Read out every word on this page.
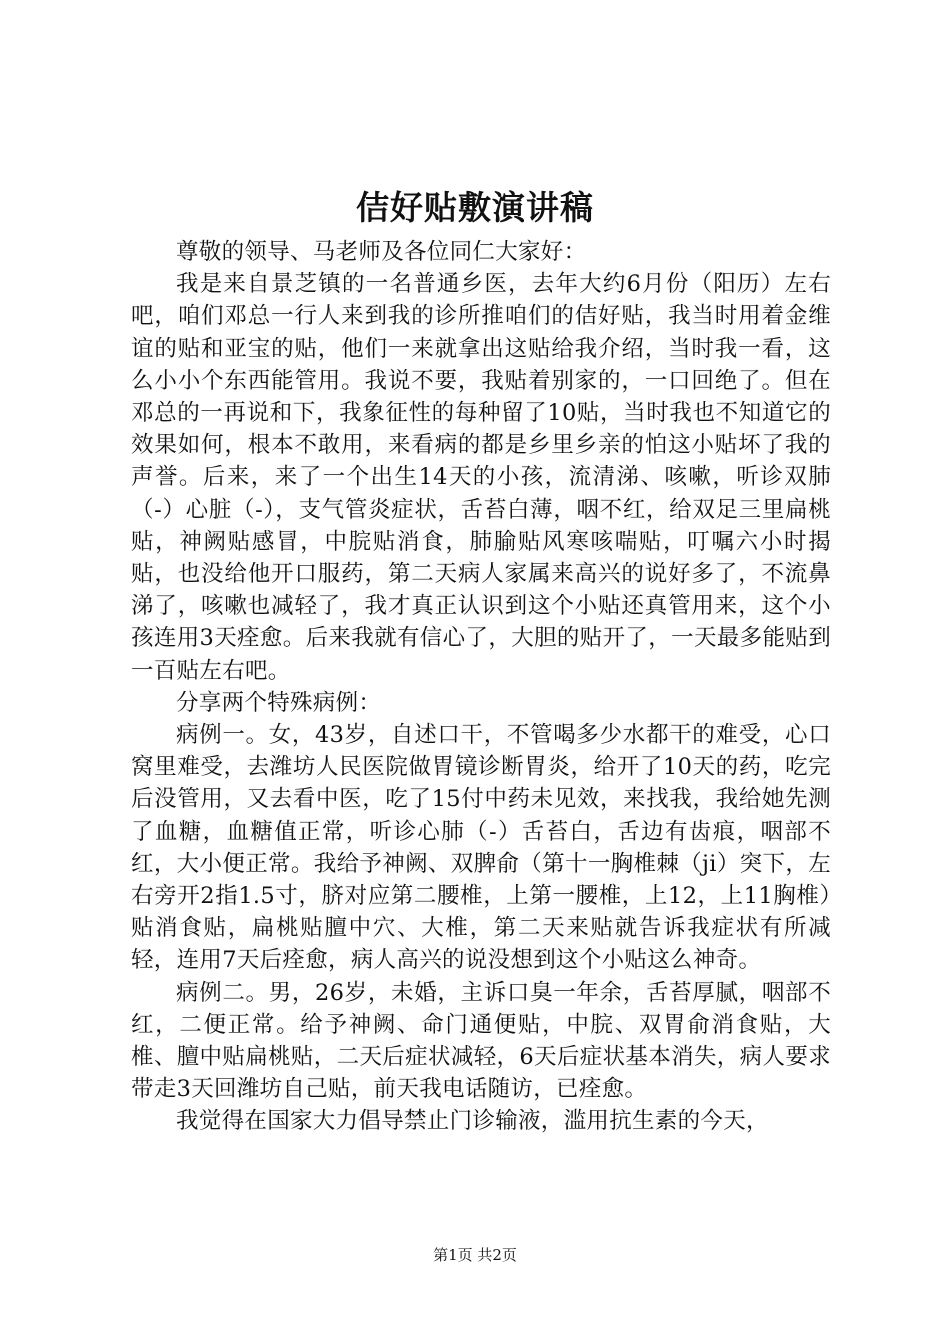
佶好贴敷演讲稿

尊敬的领导、马老师及各位同仁大家好：

我是来自景芝镇的一名普通乡医，去年大约6月份（阳历）左右吧，咱们邓总一行人来到我的诊所推咱们的佶好贴，我当时用着金维谊的贴和亚宝的贴，他们一来就拿出这贴给我介绍，当时我一看，这么小小个东西能管用。我说不要，我贴着别家的，一口回绝了。但在邓总的一再说和下，我象征性的每种留了10贴，当时我也不知道它的效果如何，根本不敢用，来看病的都是乡里乡亲的怕这小贴坏了我的声誉。后来，来了一个出生14天的小孩，流清涕、咳嗽，听诊双肺（-）心脏（-），支气管炎症状，舌苔白薄，咽不红，给双足三里扁桃贴，神阙贴感冒，中脘贴消食，肺腧贴风寒咳喘贴，叮嘱六小时揭贴，也没给他开口服药，第二天病人家属来高兴的说好多了，不流鼻涕了，咳嗽也减轻了，我才真正认识到这个小贴还真管用来，这个小孩连用3天痊愈。后来我就有信心了，大胆的贴开了，一天最多能贴到一百贴左右吧。

分享两个特殊病例：

病例一。女，43岁，自述口干，不管喝多少水都干的难受，心口窝里难受，去潍坊人民医院做胃镜诊断胃炎，给开了10天的药，吃完后没管用，又去看中医，吃了15付中药未见效，来找我，我给她先测了血糖，血糖值正常，听诊心肺（-）舌苔白，舌边有齿痕，咽部不红，大小便正常。我给予神阙、双脾俞（第十一胸椎棘（ji）突下，左右旁开2指1.5寸，脐对应第二腰椎，上第一腰椎，上12，上11胸椎）贴消食贴，扁桃贴膻中穴、大椎，第二天来贴就告诉我症状有所减轻，连用7天后痊愈，病人高兴的说没想到这个小贴这么神奇。

病例二。男，26岁，未婚，主诉口臭一年余，舌苔厚腻，咽部不红，二便正常。给予神阙、命门通便贴，中脘、双胃俞消食贴，大椎、膻中贴扁桃贴，二天后症状减轻，6天后症状基本消失，病人要求带走3天回潍坊自己贴，前天我电话随访，已痊愈。

我觉得在国家大力倡导禁止门诊输液，滥用抗生素的今天，

第1页 共2页
